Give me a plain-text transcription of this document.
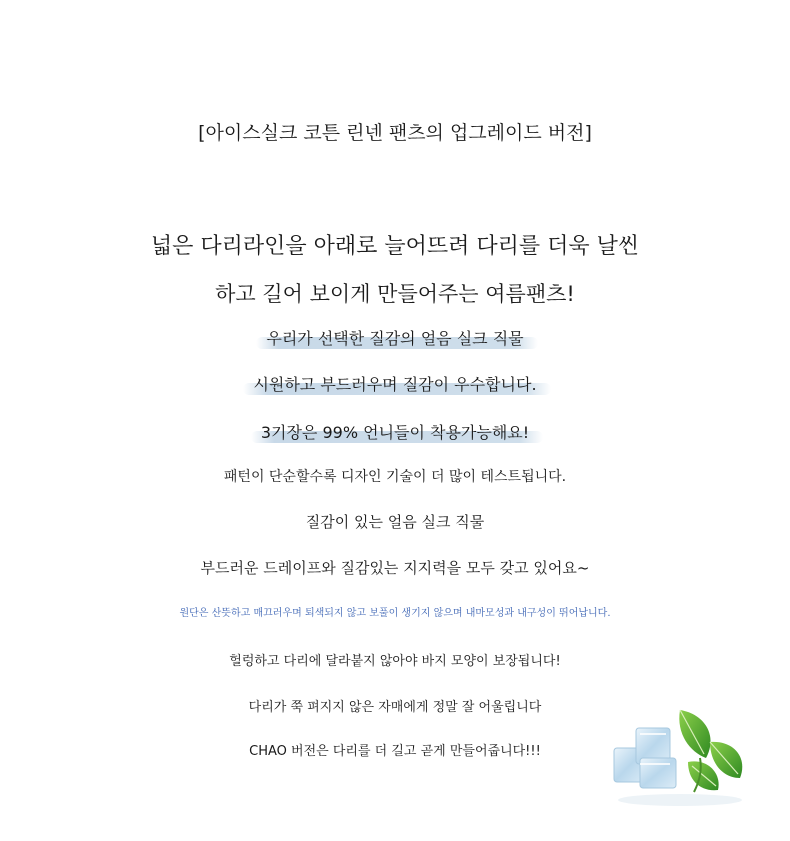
[아이스실크 코튼 린넨 팬츠의 업그레이드 버전]
넓은 다리라인을 아래로 늘어뜨려 다리를 더욱 날씬
하고 길어 보이게 만들어주는 여름팬츠!
우리가 선택한 질감의 얼음 실크 직물
시원하고 부드러우며 질감이 우수합니다.
3기장은 99% 언니들이 착용가능해요!
패턴이 단순할수록 디자인 기술이 더 많이 테스트됩니다.
질감이 있는 얼음 실크 직물
부드러운 드레이프와 질감있는 지지력을 모두 갖고 있어요~
원단은 산뜻하고 매끄러우며 퇴색되지 않고 보풀이 생기지 않으며 내마모성과 내구성이 뛰어납니다.
헐렁하고 다리에 달라붙지 않아야 바지 모양이 보장됩니다!
다리가 쭉 펴지지 않은 자매에게 정말 잘 어울립니다
CHAO 버전은 다리를 더 길고 곧게 만들어줍니다!!!
